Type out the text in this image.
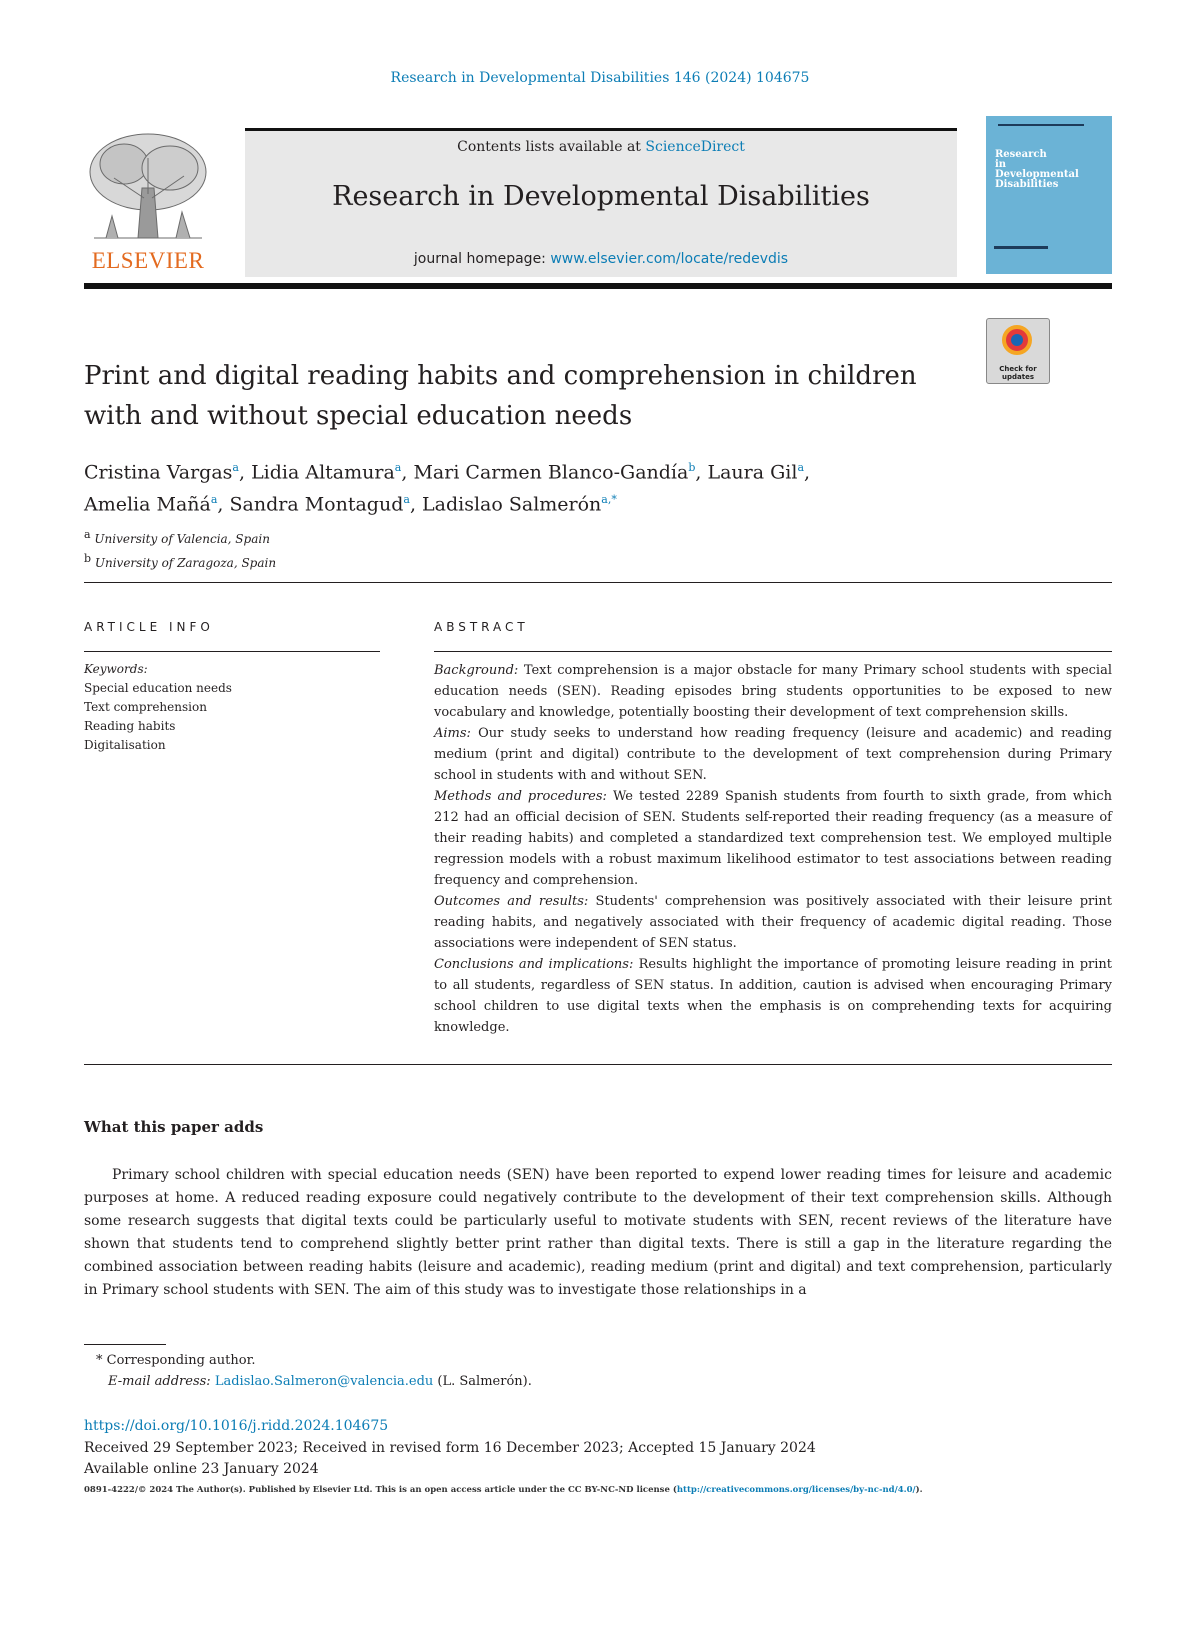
Research in Developmental Disabilities 146 (2024) 104675
ELSEVIER
Contents lists available at ScienceDirect
Research in Developmental Disabilities
journal homepage: www.elsevier.com/locate/redevdis
Research
in
Developmental
Disabilities
Check for updates
Print and digital reading habits and comprehension in children with and without special education needs
Cristina Vargas$^a$, Lidia Altamura$^a$, Mari Carmen Blanco-Gandía$^b$, Laura Gil$^a$,
Amelia Mañá$^a$, Sandra Montagud$^a$, Ladislao Salmerón$^{a,*}$
$^a$ University of Valencia, Spain
$^b$ University of Zaragoza, Spain
ARTICLE INFO
Keywords:
Special education needs
Text comprehension
Reading habits
Digitalisation
ABSTRACT

Background: Text comprehension is a major obstacle for many Primary school students with special education needs (SEN). Reading episodes bring students opportunities to be exposed to new vocabulary and knowledge, potentially boosting their development of text comprehension skills.

Aims: Our study seeks to understand how reading frequency (leisure and academic) and reading medium (print and digital) contribute to the development of text comprehension during Primary school in students with and without SEN.

Methods and procedures: We tested 2289 Spanish students from fourth to sixth grade, from which 212 had an official decision of SEN. Students self-reported their reading frequency (as a measure of their reading habits) and completed a standardized text comprehension test. We employed multiple regression models with a robust maximum likelihood estimator to test associations between reading frequency and comprehension.

Outcomes and results: Students' comprehension was positively associated with their leisure print reading habits, and negatively associated with their frequency of academic digital reading. Those associations were independent of SEN status.

Conclusions and implications: Results highlight the importance of promoting leisure reading in print to all students, regardless of SEN status. In addition, caution is advised when encouraging Primary school children to use digital texts when the emphasis is on comprehending texts for acquiring knowledge.

What this paper adds
Primary school children with special education needs (SEN) have been reported to expend lower reading times for leisure and academic purposes at home. A reduced reading exposure could negatively contribute to the development of their text comprehension skills. Although some research suggests that digital texts could be particularly useful to motivate students with SEN, recent reviews of the literature have shown that students tend to comprehend slightly better print rather than digital texts. There is still a gap in the literature regarding the combined association between reading habits (leisure and academic), reading medium (print and digital) and text comprehension, particularly in Primary school students with SEN. The aim of this study was to investigate those relationships in a
* Corresponding author.
E-mail address: Ladislao.Salmeron@valencia.edu (L. Salmerón).
https://doi.org/10.1016/j.ridd.2024.104675
Received 29 September 2023; Received in revised form 16 December 2023; Accepted 15 January 2024
Available online 23 January 2024
0891-4222/© 2024 The Author(s). Published by Elsevier Ltd. This is an open access article under the CC BY-NC-ND license (http://creativecommons.org/licenses/by-nc-nd/4.0/).
